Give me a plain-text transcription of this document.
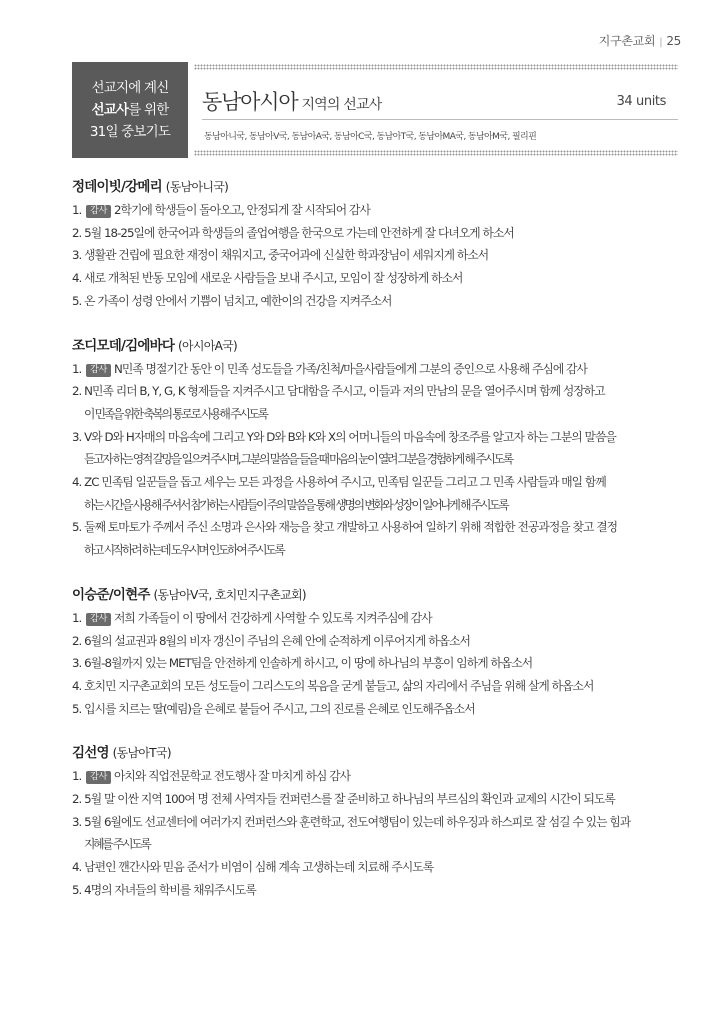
지구촌교회 | 25
선교지에 계신
선교사를 위한
31일 중보기도
동남아시아 지역의 선교사	34 units
동남아니국, 동남아V국, 동남아A국, 동남아C국, 동남아T국, 동남아MA국, 동남아M국, 필리핀
정데이빗/강메리 (동남아니국)
1. 감사 2학기에 학생들이 돌아오고, 안정되게 잘 시작되어 감사
2. 5월 18-25일에 한국어과 학생들의 졸업여행을 한국으로 가는데 안전하게 잘 다녀오게 하소서
3. 생활관 건립에 필요한 재정이 채워지고, 중국어과에 신실한 학과장님이 세워지게 하소서
4. 새로 개척된 반동 모임에 새로운 사람들을 보내 주시고, 모임이 잘 성장하게 하소서
5. 온 가족이 성령 안에서 기쁨이 넘치고, 예한이의 건강을 지켜주소서
조디모데/김에바다 (아시아A국)
1. 감사 N민족 명절기간 동안 이 민족 성도들을 가족/친척/마을사람들에게 그분의 증인으로 사용해 주심에 감사
2. N민족 리더 B, Y, G, K 형제들을 지켜주시고 담대함을 주시고, 이들과 저의 만남의 문을 열어주시며 함께 성장하고
이 민족을 위한 축복의 통로로 사용해 주시도록
3. V와 D와 H자매의 마음속에 그리고 Y와 D와 B와 K와 X의 어머니들의 마음속에 창조주를 알고자 하는 그분의 말씀을
듣고자 하는 영적 갈망을 일으켜 주시며, 그분의 말씀을 들을 때 마음의 눈이 열려 그분을 경험하게 해 주시도록
4. ZC 민족팀 일꾼들을 돕고 세우는 모든 과정을 사용하여 주시고, 민족팀 일꾼들 그리고 그 민족 사람들과 매일 함께
하는 시간을 사용해 주셔서 참가하는 사람들이 주의 말씀을 통해 생명의 변화와 성장이 일어나게 해 주시도록
5. 둘째 토마토가 주께서 주신 소명과 은사와 재능을 찾고 개발하고 사용하여 일하기 위해 적합한 전공과정을 찾고 결정
하고 시작하려 하는데 도우시며 인도하여 주시도록
이승준/이현주 (동남아V국, 호치민지구촌교회)
1. 감사 저희 가족들이 이 땅에서 건강하게 사역할 수 있도록 지켜주심에 감사
2. 6월의 설교권과 8월의 비자 갱신이 주님의 은혜 안에 순적하게 이루어지게 하옵소서
3. 6월-8월까지 있는 MET팀을 안전하게 인솔하게 하시고, 이 땅에 하나님의 부흥이 임하게 하옵소서
4. 호치민 지구촌교회의 모든 성도들이 그리스도의 복음을 굳게 붙들고, 삶의 자리에서 주님을 위해 살게 하옵소서
5. 입시를 치르는 딸(예림)을 은혜로 붙들어 주시고, 그의 진로를 은혜로 인도해주옵소서
김선영 (동남아T국)
1. 감사 아치와 직업전문학교 전도행사 잘 마치게 하심 감사
2. 5월 말 이싼 지역 100여 명 전체 사역자들 컨퍼런스를 잘 준비하고 하나님의 부르심의 확인과 교제의 시간이 되도록
3. 5월 6월에도 선교센터에 여러가지 컨퍼런스와 훈련학교, 전도여행팀이 있는데 하우징과 하스피로 잘 섬길 수 있는 힘과
지혜를 주시도록
4. 남편인 깬간사와 믿음 준서가 비염이 심해 계속 고생하는데 치료해 주시도록
5. 4명의 자녀들의 학비를 채워주시도록
